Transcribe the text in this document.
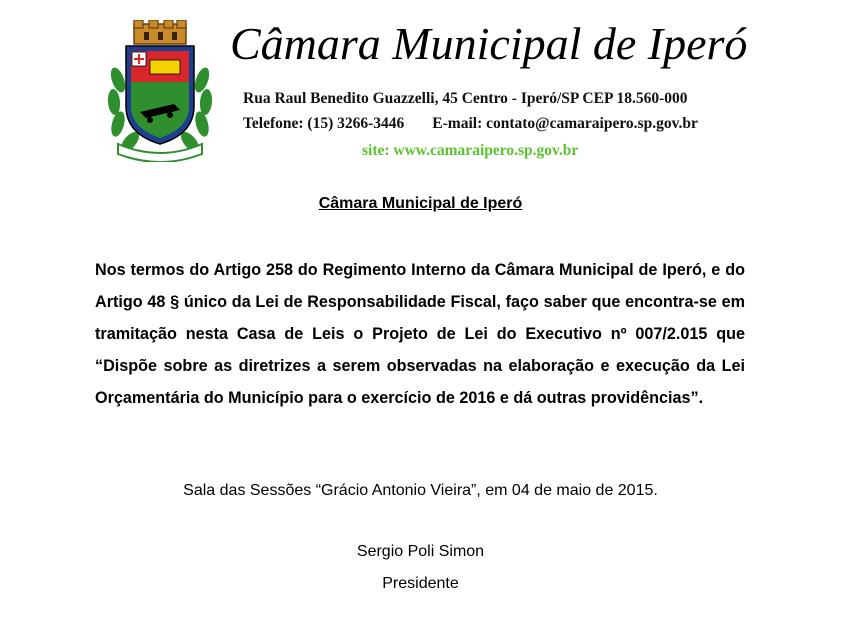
Câmara Municipal de Iperó
Rua Raul Benedito Guazzelli, 45 Centro - Iperó/SP CEP 18.560-000
Telefone: (15) 3266-3446 E-mail: contato@camaraipero.sp.gov.br
site: www.camaraipero.sp.gov.br
Câmara Municipal de Iperó
Nos termos do Artigo 258 do Regimento Interno da Câmara Municipal de Iperó, e do Artigo 48 § único da Lei de Responsabilidade Fiscal, faço saber que encontra-se em tramitação nesta Casa de Leis o Projeto de Lei do Executivo nº 007/2.015 que “Dispõe sobre as diretrizes a serem observadas na elaboração e execução da Lei Orçamentária do Município para o exercício de 2016 e dá outras providências”.
Sala das Sessões “Grácio Antonio Vieira”, em 04 de maio de 2015.
Sergio Poli Simon
Presidente
